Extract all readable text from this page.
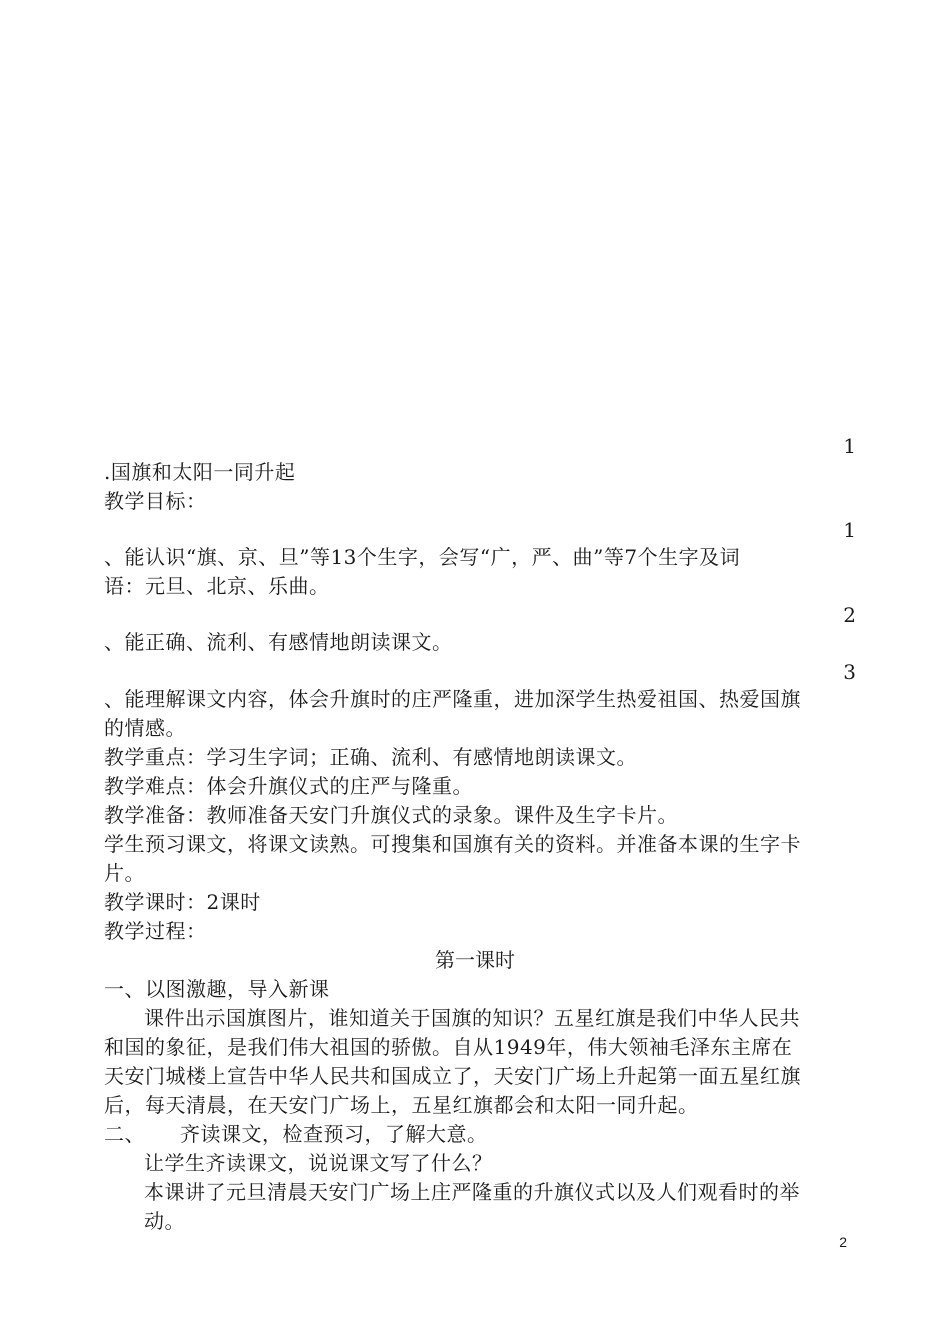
1
.国旗和太阳一同升起
教学目标：
1
、能认识“旗、京、旦”等13个生字，会写“广，严、曲”等7个生字及词
语：元旦、北京、乐曲。
2
、能正确、流利、有感情地朗读课文。
3
、能理解课文内容，体会升旗时的庄严隆重，进加深学生热爱祖国、热爱国旗
的情感。
教学重点：学习生字词；正确、流利、有感情地朗读课文。
教学难点：体会升旗仪式的庄严与隆重。
教学准备：教师准备天安门升旗仪式的录象。课件及生字卡片。
学生预习课文，将课文读熟。可搜集和国旗有关的资料。并准备本课的生字卡
片。
教学课时：2课时
教学过程：
第一课时
一、以图激趣，导入新课
课件出示国旗图片，谁知道关于国旗的知识？五星红旗是我们中华人民共
和国的象征，是我们伟大祖国的骄傲。自从1949年，伟大领袖毛泽东主席在
天安门城楼上宣告中华人民共和国成立了，天安门广场上升起第一面五星红旗
后，每天清晨，在天安门广场上，五星红旗都会和太阳一同升起。
二、 齐读课文，检查预习，了解大意。
让学生齐读课文，说说课文写了什么？
本课讲了元旦清晨天安门广场上庄严隆重的升旗仪式以及人们观看时的举
动。
2
